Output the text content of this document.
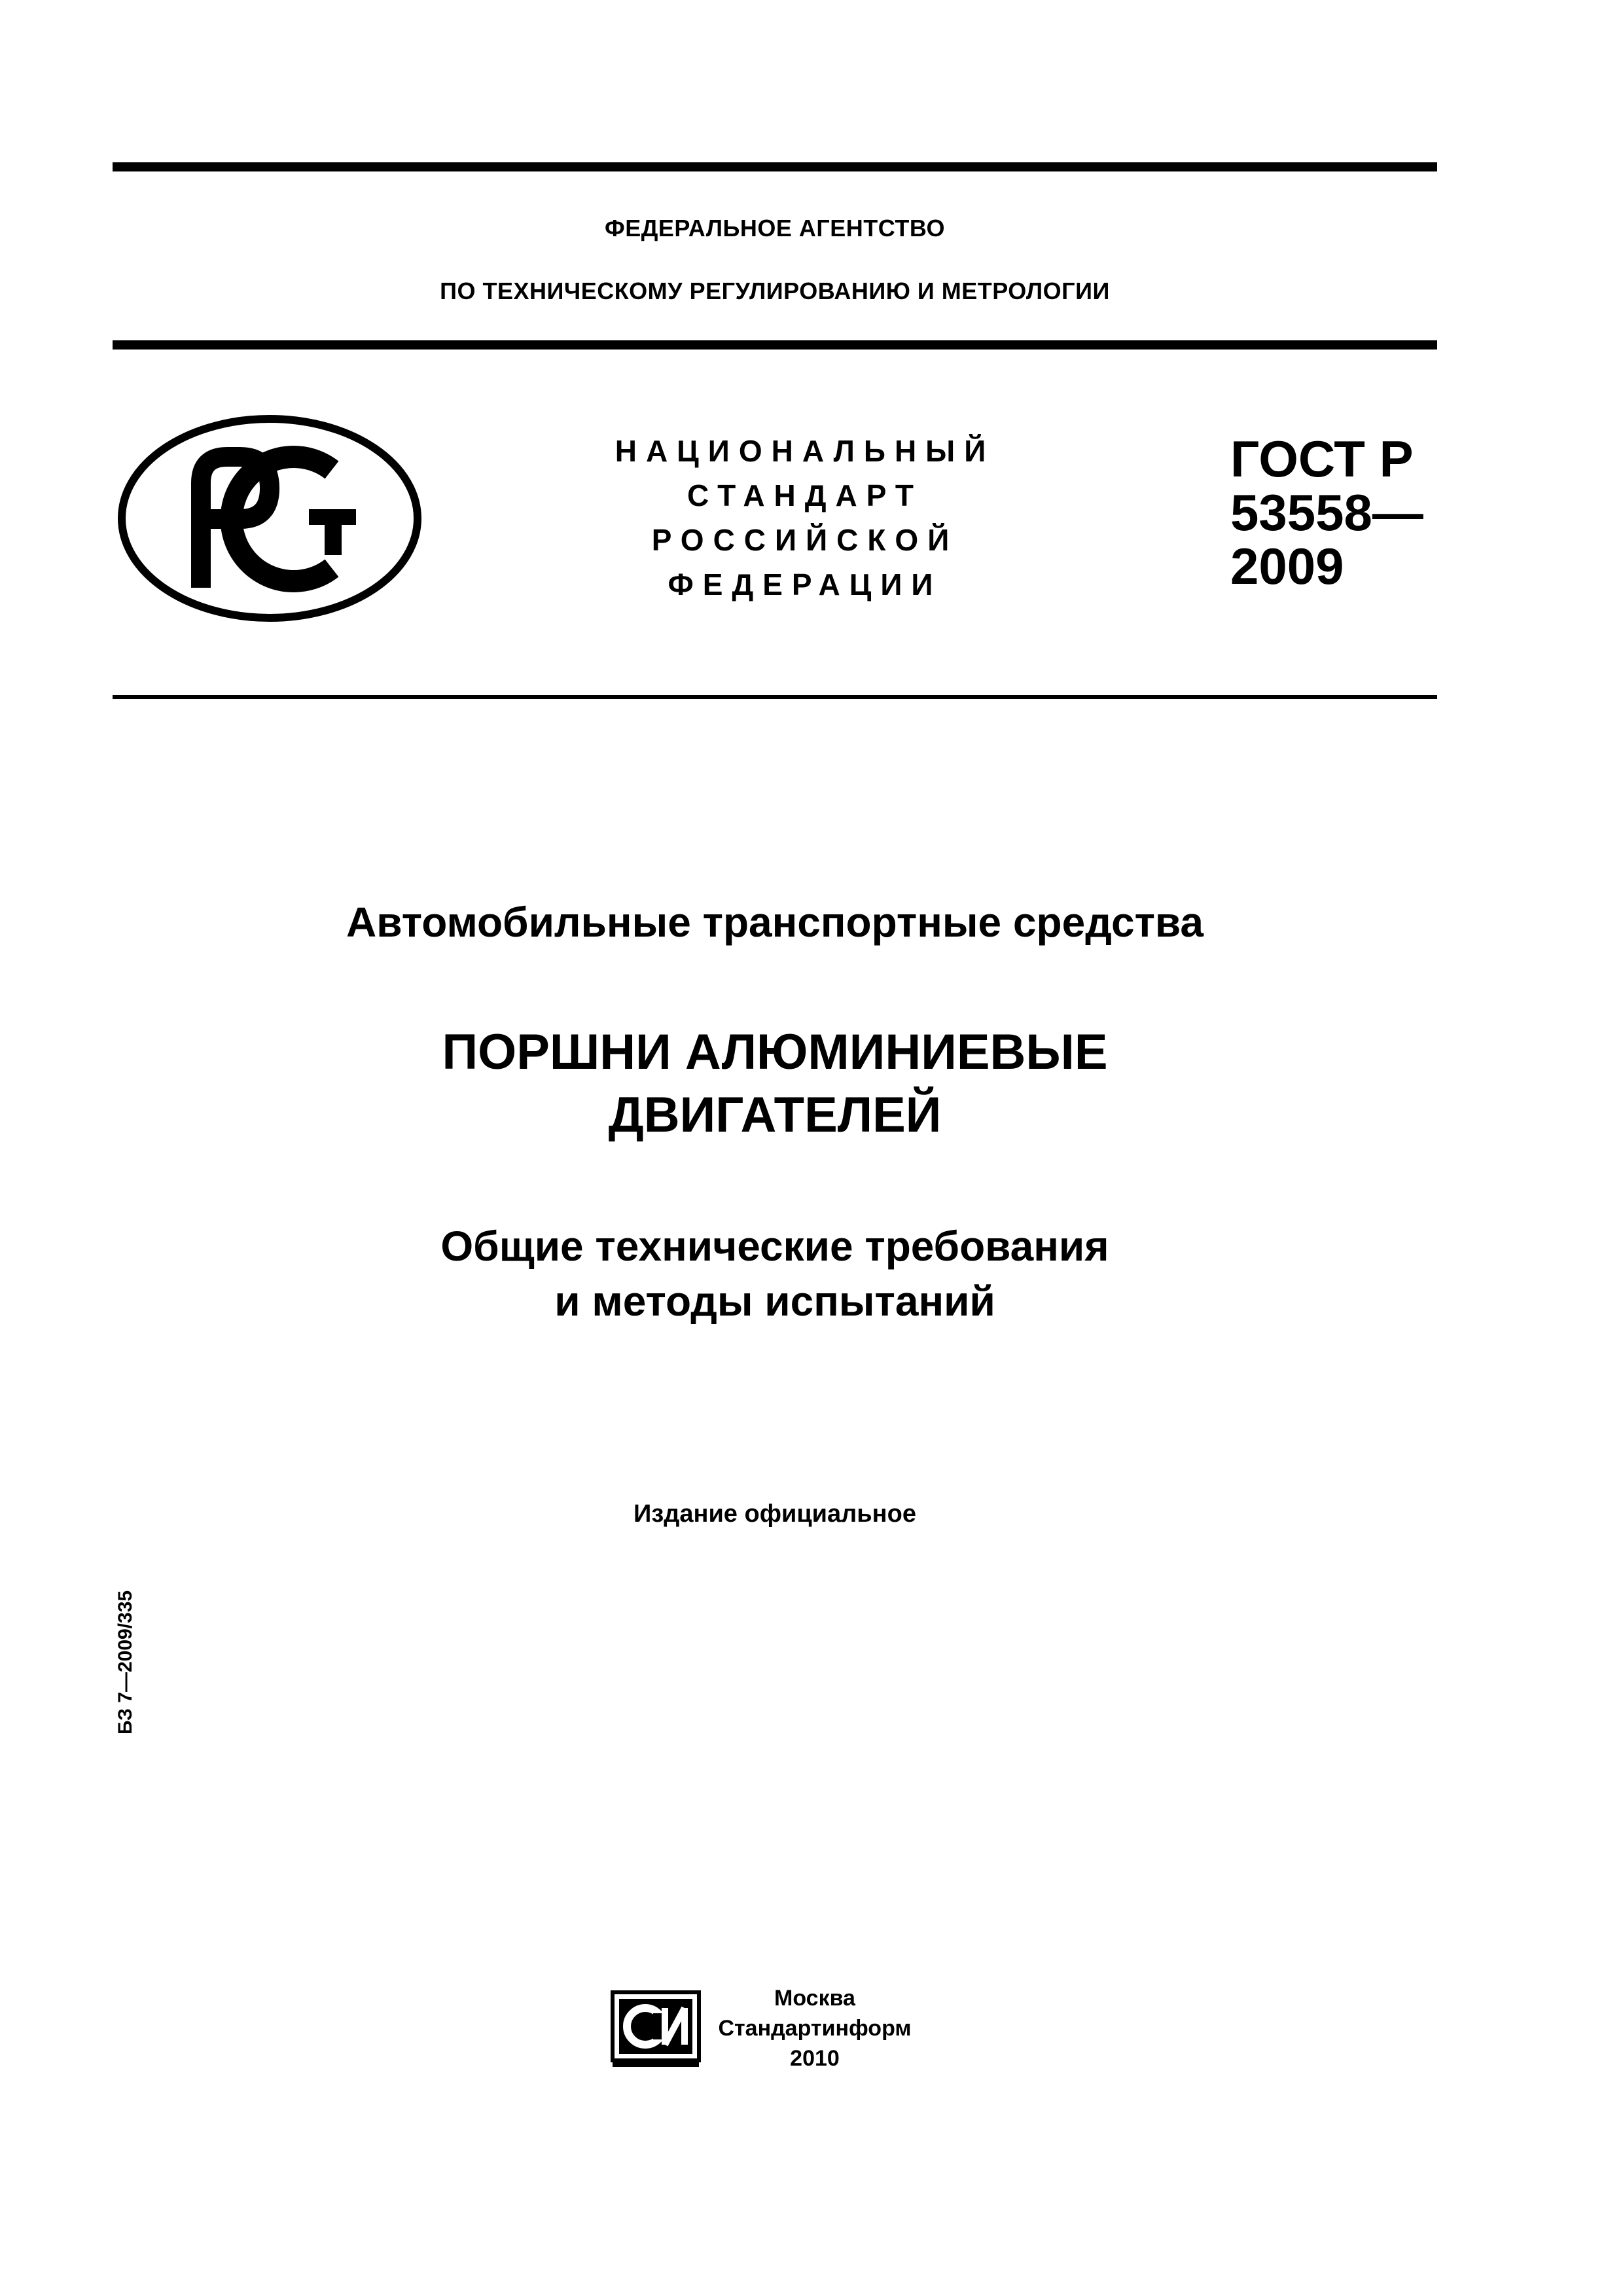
ФЕДЕРАЛЬНОЕ АГЕНТСТВО
ПО ТЕХНИЧЕСКОМУ РЕГУЛИРОВАНИЮ И МЕТРОЛОГИИ
РСТ
НАЦИОНАЛЬНЫЙ
СТАНДАРТ
РОССИЙСКОЙ
ФЕДЕРАЦИИ
ГОСТ Р
53558—
2009
Автомобильные транспортные средства
ПОРШНИ АЛЮМИНИЕВЫЕ
ДВИГАТЕЛЕЙ
Общие технические требования
и методы испытаний
Издание официальное
БЗ 7—2009/335
СИ	Москва
Стандартинформ
2010
